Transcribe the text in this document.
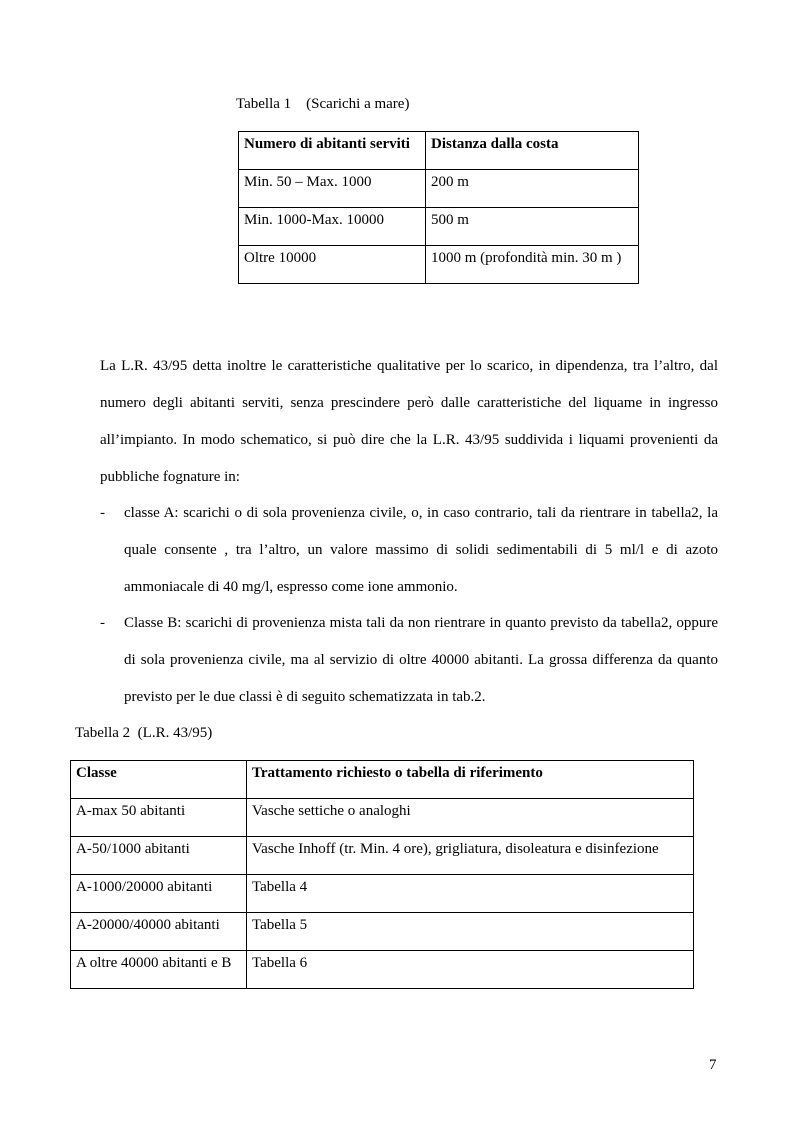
Tabella 1    (Scarichi a mare)
Numero di abitanti serviti	Distanza dalla costa
Min. 50 – Max. 1000	200 m
Min. 1000-Max. 10000	500 m
Oltre 10000	1000 m (profondità min. 30 m )
La L.R. 43/95 detta inoltre le caratteristiche qualitative per lo scarico, in dipendenza, tra l’altro, dal numero degli abitanti serviti, senza prescindere però dalle caratteristiche del liquame in ingresso all’impianto. In modo schematico, si può dire che la L.R. 43/95 suddivida i liquami provenienti da pubbliche fognature in:
- classe A: scarichi o di sola provenienza civile, o, in caso contrario, tali da rientrare in tabella2, la quale consente , tra l’altro, un valore massimo di solidi sedimentabili di 5 ml/l e di azoto ammoniacale di 40 mg/l, espresso come ione ammonio.
- Classe B: scarichi di provenienza mista tali da non rientrare in quanto previsto da tabella2, oppure di sola provenienza civile, ma al servizio di oltre 40000 abitanti. La grossa differenza da quanto previsto per le due classi è di seguito schematizzata in tab.2.
Tabella 2  (L.R. 43/95)
Classe	Trattamento richiesto o tabella di riferimento
A-max 50 abitanti	Vasche settiche o analoghi
A-50/1000 abitanti	Vasche Inhoff (tr. Min. 4 ore), grigliatura, disoleatura e disinfezione
A-1000/20000 abitanti	Tabella 4
A-20000/40000 abitanti	Tabella 5
A oltre 40000 abitanti e B	Tabella 6
7
